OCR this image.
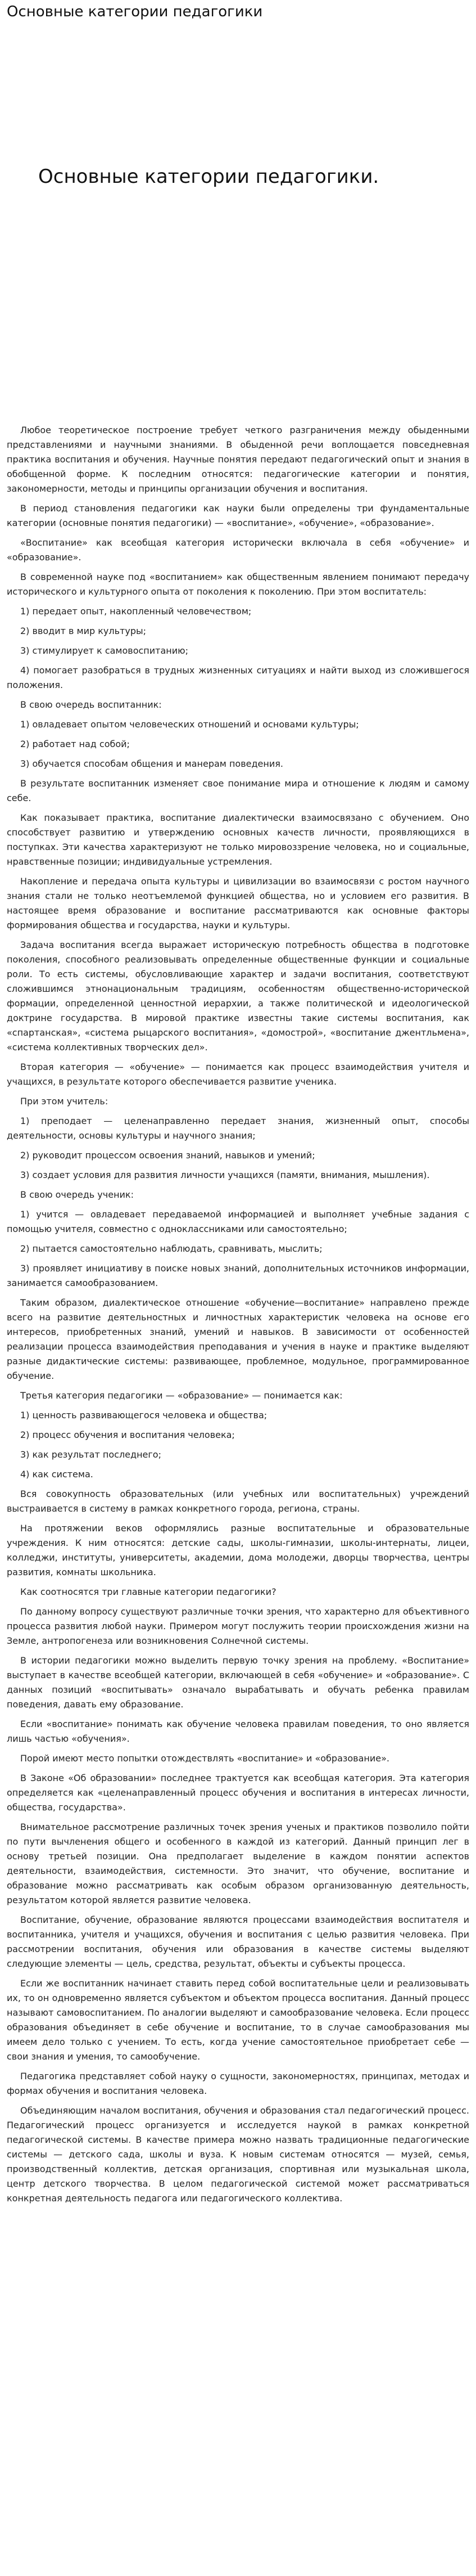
Основные категории педагогики
Основные категории педагогики.

Любое теоретическое построение требует четкого разграничения между обыденными представлениями и научными знаниями. В обыденной речи воплощается повседневная практика воспитания и обучения. Научные понятия передают педагогический опыт и знания в обобщенной форме. К последним относятся: педагогические категории и понятия, закономерности, методы и принципы организации обучения и воспитания.

В период становления педагогики как науки были определены три фундаментальные категории (основные понятия педагогики) — «воспитание», «обучение», «образование».

«Воспитание» как всеобщая категория исторически включала в себя «обучение» и «образование».

В современной науке под «воспитанием» как общественным явлением понимают передачу исторического и культурного опыта от поколения к поколению. При этом воспитатель:

1) передает опыт, накопленный человечеством;

2) вводит в мир культуры;

3) стимулирует к самовоспитанию;

4) помогает разобраться в трудных жизненных ситуациях и найти выход из сложившегося положения.

В свою очередь воспитанник:

1) овладевает опытом человеческих отношений и основами культуры;

2) работает над собой;

3) обучается способам общения и манерам поведения.

В результате воспитанник изменяет свое понимание мира и отношение к людям и самому себе.

Как показывает практика, воспитание диалектически взаимосвязано с обучением. Оно способствует развитию и утверждению основных качеств личности, проявляющихся в поступках. Эти качества характеризуют не только мировоззрение человека, но и социальные, нравственные позиции; индивидуальные устремления.

Накопление и передача опыта культуры и цивилизации во взаимосвязи с ростом научного знания стали не только неотъемлемой функцией общества, но и условием его развития. В настоящее время образование и воспитание рассматриваются как основные факторы формирования общества и государства, науки и культуры.

Задача воспитания всегда выражает историческую потребность общества в подготовке поколения, способного реализовывать определенные общественные функции и социальные роли. То есть системы, обусловливающие характер и задачи воспитания, соответствуют сложившимся этнонациональным традициям, особенностям общественно-исторической формации, определенной ценностной иерархии, а также политической и идеологической доктрине государства. В мировой практике известны такие системы воспитания, как «спартанская», «система рыцарского воспитания», «домострой», «воспитание джентльмена», «система коллективных творческих дел».

Вторая категория — «обучение» — понимается как процесс взаимодействия учителя и учащихся, в результате которого обеспечивается развитие ученика.

При этом учитель:

1) преподает — целенаправленно передает знания, жизненный опыт, способы деятельности, основы культуры и научного знания;

2) руководит процессом освоения знаний, навыков и умений;

3) создает условия для развития личности учащихся (памяти, внимания, мышления).

В свою очередь ученик:

1) учится — овладевает передаваемой информацией и выполняет учебные задания с помощью учителя, совместно с одноклассниками или самостоятельно;

2) пытается самостоятельно наблюдать, сравнивать, мыслить;

3) проявляет инициативу в поиске новых знаний, дополнительных источников информации, занимается самообразованием.

Таким образом, диалектическое отношение «обучение—воспитание» направлено прежде всего на развитие деятельностных и личностных характеристик человека на основе его интересов, приобретенных знаний, умений и навыков. В зависимости от особенностей реализации процесса взаимодействия преподавания и учения в науке и практике выделяют разные дидактические системы: развивающее, проблемное, модульное, программированное обучение.

Третья категория педагогики — «образование» — понимается как:

1) ценность развивающегося человека и общества;

2) процесс обучения и воспитания человека;

3) как результат последнего;

4) как система.

Вся совокупность образовательных (или учебных или воспитательных) учреждений выстраивается в систему в рамках конкретного города, региона, страны.

На протяжении веков оформлялись разные воспитательные и образовательные учреждения. К ним относятся: детские сады, школы-гимназии, школы-интернаты, лицеи, колледжи, институты, университеты, академии, дома молодежи, дворцы творчества, центры развития, комнаты школьника.

Как соотносятся три главные категории педагогики?

По данному вопросу существуют различные точки зрения, что характерно для объективного процесса развития любой науки. Примером могут послужить теории происхождения жизни на Земле, антропогенеза или возникновения Солнечной системы.

В истории педагогики можно выделить первую точку зрения на проблему. «Воспитание» выступает в качестве всеобщей категории, включающей в себя «обучение» и «образование». С данных позиций «воспитывать» означало вырабатывать и обучать ребенка правилам поведения, давать ему образование.

Если «воспитание» понимать как обучение человека правилам поведения, то оно является лишь частью «обучения».

Порой имеют место попытки отождествлять «воспитание» и «образование».

В Законе «Об образовании» последнее трактуется как всеобщая категория. Эта категория определяется как «целенаправленный процесс обучения и воспитания в интересах личности, общества, государства».

Внимательное рассмотрение различных точек зрения ученых и практиков позволило пойти по пути вычленения общего и особенного в каждой из категорий. Данный принцип лег в основу третьей позиции. Она предполагает выделение в каждом понятии аспектов деятельности, взаимодействия, системности. Это значит, что обучение, воспитание и образование можно рассматривать как особым образом организованную деятельность, результатом которой является развитие человека.

Воспитание, обучение, образование являются процессами взаимодействия воспитателя и воспитанника, учителя и учащихся, обучения и воспитания с целью развития человека. При рассмотрении воспитания, обучения или образования в качестве системы выделяют следующие элементы — цель, средства, результат, объекты и субъекты процесса.

Если же воспитанник начинает ставить перед собой воспитательные цели и реализовывать их, то он одновременно является субъектом и объектом процесса воспитания. Данный процесс называют самовоспитанием. По аналогии выделяют и самообразование человека. Если процесс образования объединяет в себе обучение и воспитание, то в случае самообразования мы имеем дело только с учением. То есть, когда учение самостоятельное приобретает себе — свои знания и умения, то самообучение.

Педагогика представляет собой науку о сущности, закономерностях, принципах, методах и формах обучения и воспитания человека.

Объединяющим началом воспитания, обучения и образования стал педагогический процесс. Педагогический процесс организуется и исследуется наукой в рамках конкретной педагогической системы. В качестве примера можно назвать традиционные педагогические системы — детского сада, школы и вуза. К новым системам относятся — музей, семья, производственный коллектив, детская организация, спортивная или музыкальная школа, центр детского творчества. В целом педагогической системой может рассматриваться конкретная деятельность педагога или педагогического коллектива.
